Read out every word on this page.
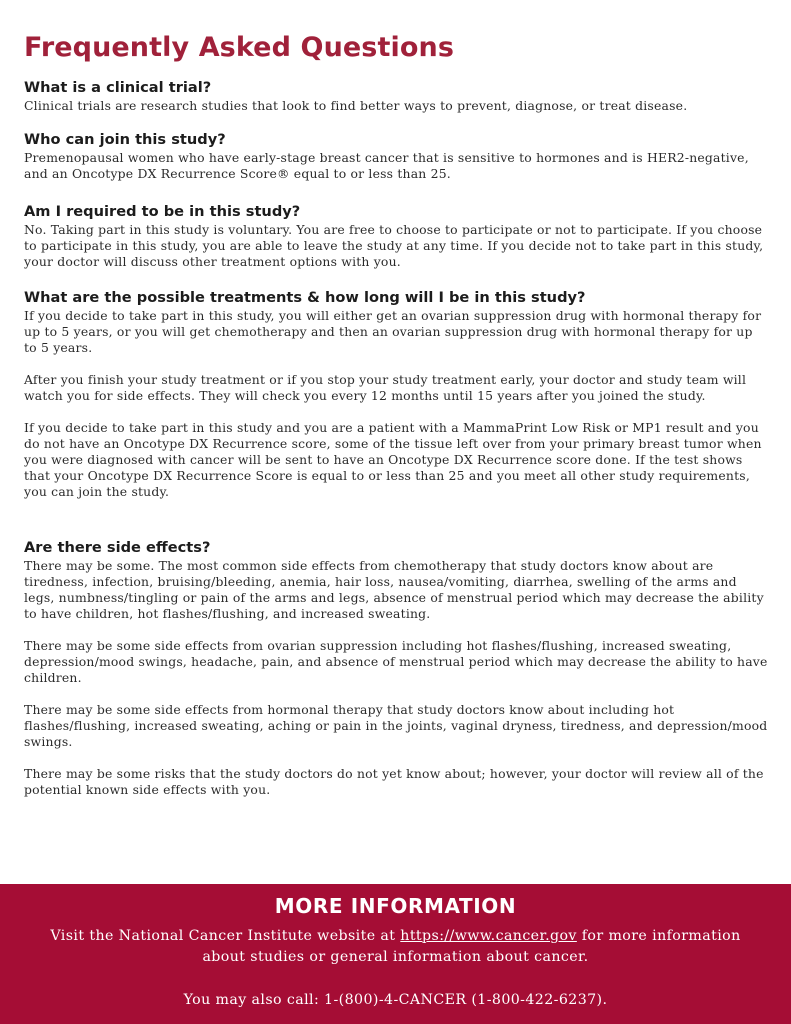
Frequently Asked Questions
What is a clinical trial?

Clinical trials are research studies that look to find better ways to prevent, diagnose, or treat disease.

Who can join this study?

Premenopausal women who have early-stage breast cancer that is sensitive to hormones and is HER2-negative, and an Oncotype DX Recurrence Score® equal to or less than 25.

Am I required to be in this study?

No. Taking part in this study is voluntary. You are free to choose to participate or not to participate. If you choose to participate in this study, you are able to leave the study at any time. If you decide not to take part in this study, your doctor will discuss other treatment options with you.

What are the possible treatments & how long will I be in this study?

If you decide to take part in this study, you will either get an ovarian suppression drug with hormonal therapy for up to 5 years, or you will get chemotherapy and then an ovarian suppression drug with hormonal therapy for up to 5 years.

After you finish your study treatment or if you stop your study treatment early, your doctor and study team will watch you for side effects. They will check you every 12 months until 15 years after you joined the study.

If you decide to take part in this study and you are a patient with a MammaPrint Low Risk or MP1 result and you do not have an Oncotype DX Recurrence score, some of the tissue left over from your primary breast tumor when you were diagnosed with cancer will be sent to have an Oncotype DX Recurrence score done. If the test shows that your Oncotype DX Recurrence Score is equal to or less than 25 and you meet all other study requirements, you can join the study.

Are there side effects?

There may be some. The most common side effects from chemotherapy that study doctors know about are tiredness, infection, bruising/bleeding, anemia, hair loss, nausea/vomiting, diarrhea, swelling of the arms and legs, numbness/tingling or pain of the arms and legs, absence of menstrual period which may decrease the ability to have children, hot flashes/flushing, and increased sweating.

There may be some side effects from ovarian suppression including hot flashes/flushing, increased sweating, depression/mood swings, headache, pain, and absence of menstrual period which may decrease the ability to have children.

There may be some side effects from hormonal therapy that study doctors know about including hot flashes/flushing, increased sweating, aching or pain in the joints, vaginal dryness, tiredness, and depression/mood swings.

There may be some risks that the study doctors do not yet know about; however, your doctor will review all of the potential known side effects with you.

MORE INFORMATION

Visit the National Cancer Institute website at https://www.cancer.gov for more information about studies or general information about cancer.

You may also call: 1-(800)-4-CANCER (1-800-422-6237).
